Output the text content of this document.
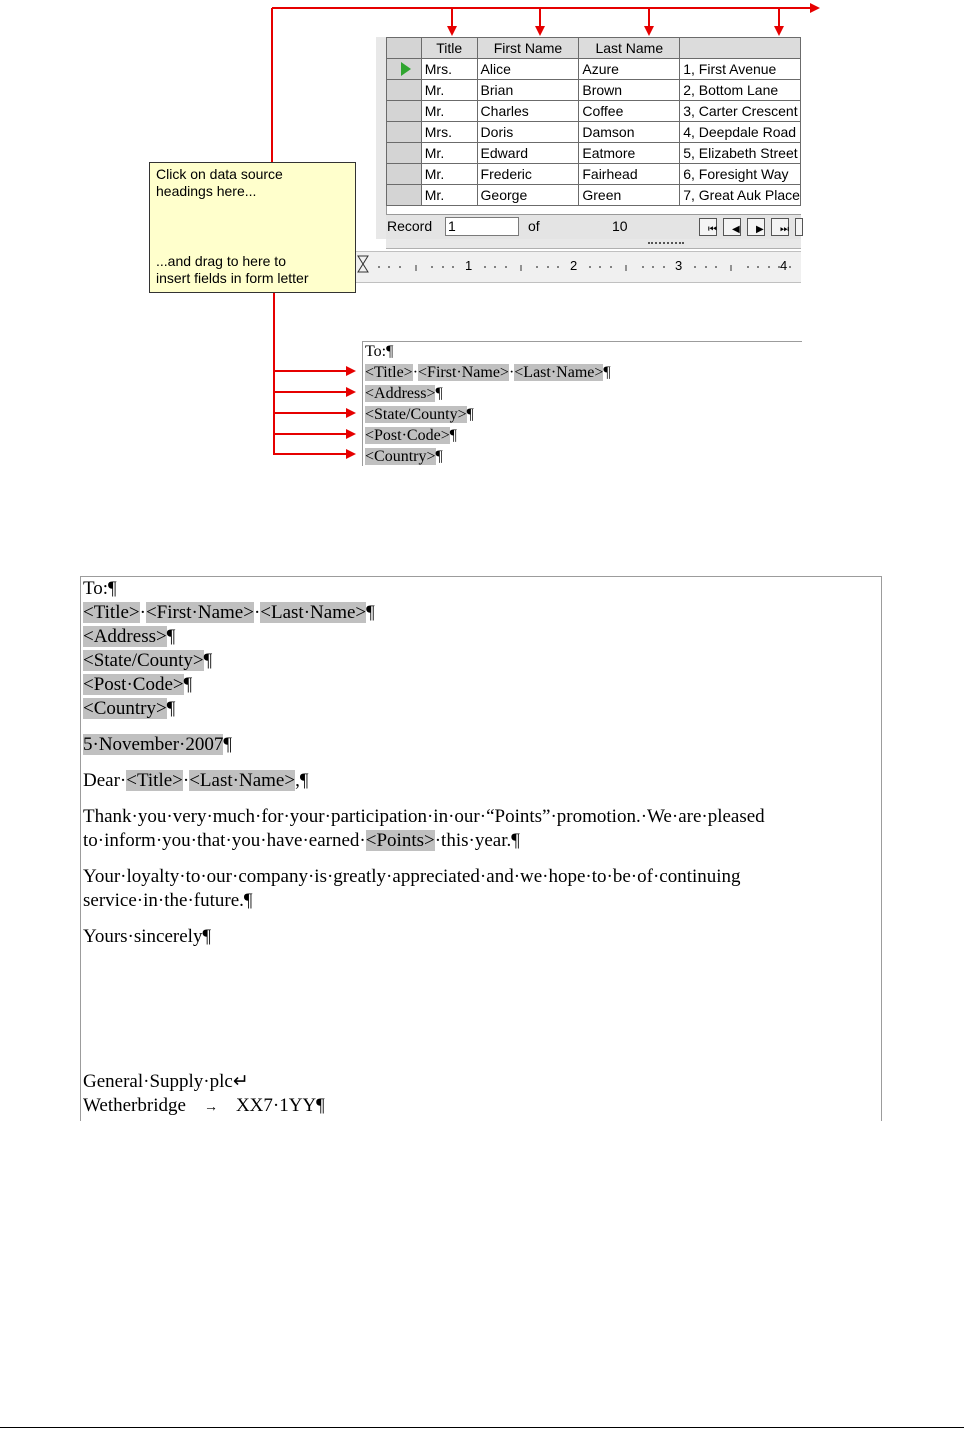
	Title	First Name	Last Name	

	Mrs.	Alice	Azure	1, First Avenue
	Mr.	Brian	Brown	2, Bottom Lane
	Mr.	Charles	Coffee	3, Carter Crescent
	Mrs.	Doris	Damson	4, Deepdale Road
	Mr.	Edward	Eatmore	5, Elizabeth Street
	Mr.	Frederic	Fairhead	6, Foresight Way
	Mr.	George	Green	7, Great Auk Place
Record 1	of	10	⏮ ◀ ▶ ⏭
1	2	3	4
Click on data source
headings here...
...and drag to here to
insert fields in form letter
To:¶
<Title>·<First·Name>·<Last·Name>¶
<Address>¶
<State/County>¶
<Post·Code>¶
<Country>¶

To:¶

<Title>·<First·Name>·<Last·Name>¶

<Address>¶

<State/County>¶

<Post·Code>¶

<Country>¶

5·November·2007¶

Dear·<Title>·<Last·Name>,¶

Thank·you·very·much·for·your·participation·in·our·“Points”·promotion.·We·are·pleased

to·inform·you·that·you·have·earned·<Points>·this·year.¶

Your·loyalty·to·our·company·is·greatly·appreciated·and·we·hope·to·be·of·continuing

service·in·the·future.¶

Yours·sincerely¶

General·Supply·plc↵

Wetherbridge → XX7·1YY¶
